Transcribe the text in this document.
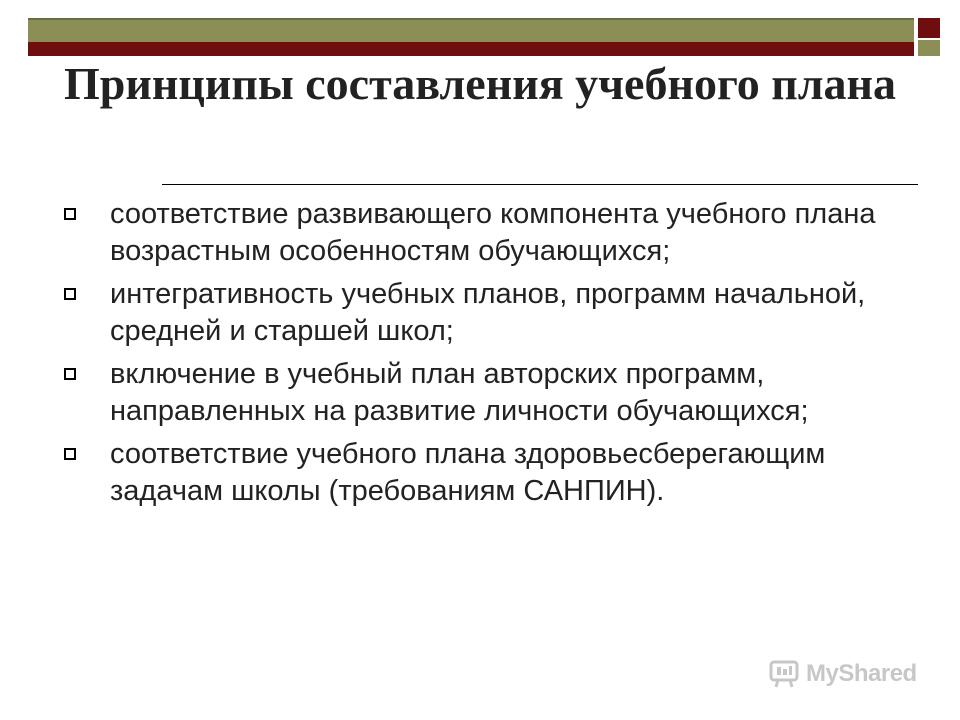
Принципы составления учебного плана
соответствие развивающего компонента учебного плана возрастным особенностям обучающихся;
интегративность учебных планов, программ начальной, средней и старшей школ;
включение в учебный план авторских программ, направленных на развитие личности обучающихся;
соответствие учебного плана здоровьесберегающим задачам школы (требованиям САНПИН).
MyShared
